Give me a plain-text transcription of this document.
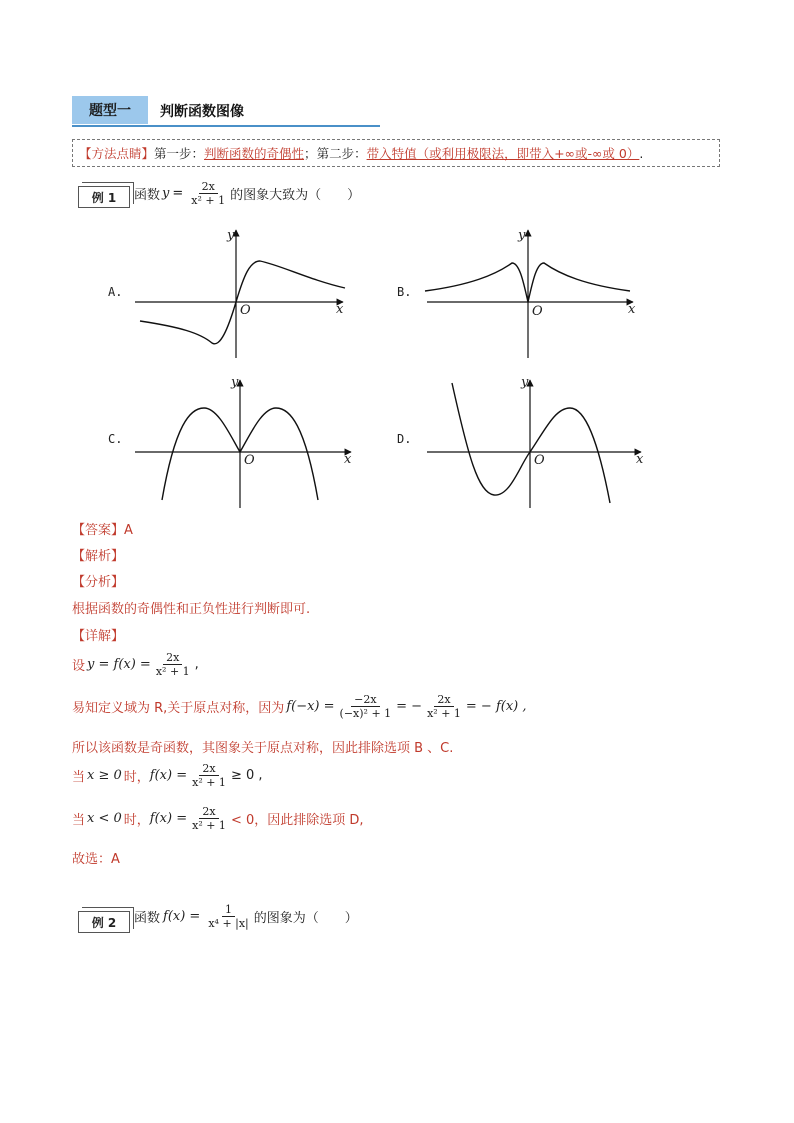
题型一	判断函数图像
【方法点睛】 第一步： 判断函数的奇偶性 ； 第二步： 带入特值（或利用极限法，即带入+∞或-∞或 0） .
例 1 函数 $y = \frac{2x}{\text{x² + 1}}$ 的图象大致为（　　）
A.	B.
C.	D.
y
x
O
y
x
O
y
x
O
y
x
O
【答案】A
【解析】
【分析】
根据函数的奇偶性和正负性进行判断即可.
【详解】
设 $y = f(x) = \frac{2x}{\text{x² + 1}}$ ,
易知定义域为 R,关于原点对称，因为 $f(-x) = \frac{-2x}{\text{(−x)² + 1}}$ = − $\frac{2x}{\text{x² + 1}}$ = − f(x) ,
所以该函数是奇函数，其图象关于原点对称，因此排除选项 B 、C.
当 x ≥ 0 时， $f(x) = \frac{2x}{\text{x² + 1}} \ge 0$ ,
当 x < 0 时， $f(x) = \frac{2x}{\text{x² + 1}} < 0$，因此排除选项 D,
故选：A
例 2 函数 $f(x) = \frac{1}{\text{x⁴ + |x|}}$ 的图象为（　　）
